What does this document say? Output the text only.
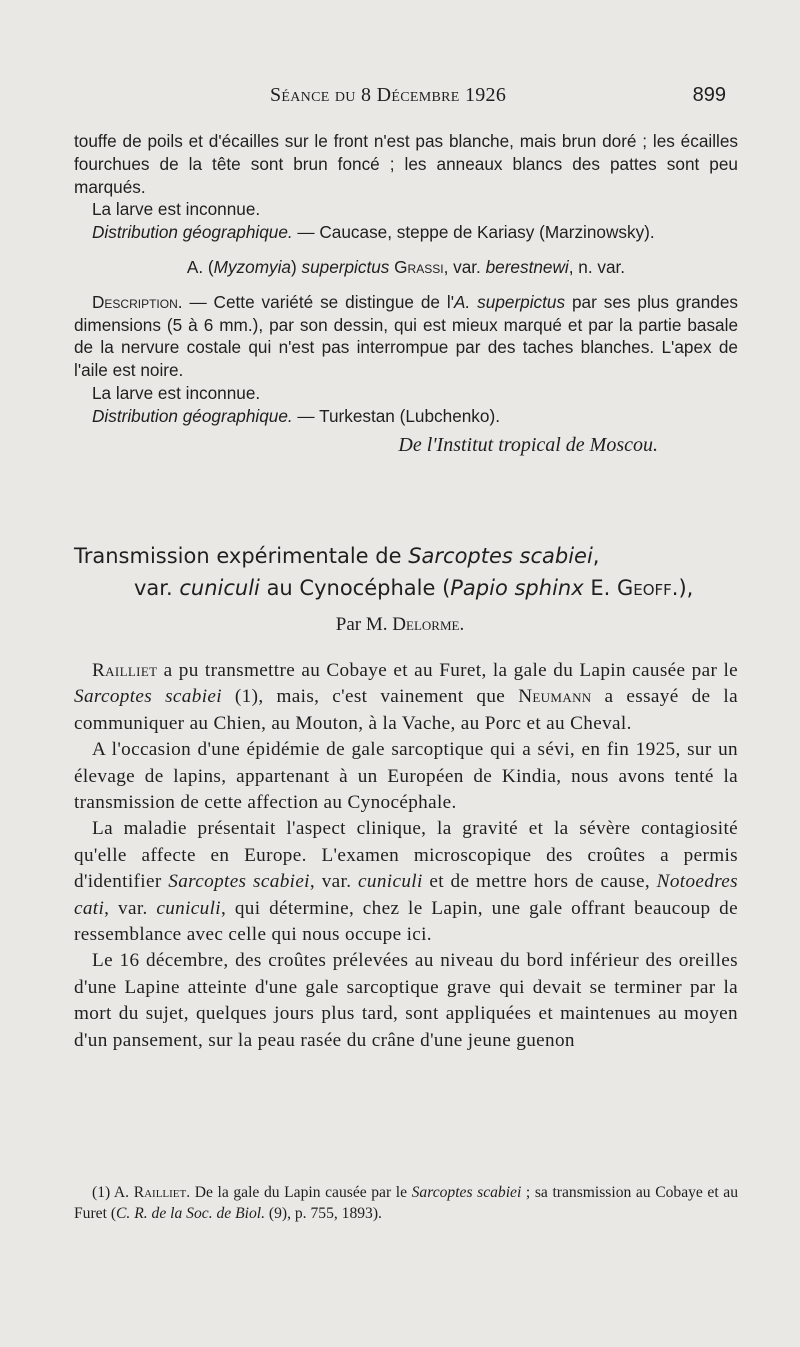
Séance du 8 Décembre 1926	899

touffe de poils et d'écailles sur le front n'est pas blanche, mais brun doré ; les écailles fourchues de la tête sont brun foncé ; les anneaux blancs des pattes sont peu marqués.

La larve est inconnue.

Distribution géographique. — Caucase, steppe de Kariasy (Marzinowsky).

A. (Myzomyia) superpictus Grassi, var. berestnewi, n. var.

Description. — Cette variété se distingue de l'A. superpictus par ses plus grandes dimensions (5 à 6 mm.), par son dessin, qui est mieux marqué et par la partie basale de la nervure costale qui n'est pas interrompue par des taches blanches. L'apex de l'aile est noire.

La larve est inconnue.

Distribution géographique. — Turkestan (Lubchenko).

De l'Institut tropical de Moscou.

Transmission expérimentale de Sarcoptes scabiei,
var. cuniculi au Cynocéphale (Papio sphinx E. Geoff.),
Par M. Delorme.

Railliet a pu transmettre au Cobaye et au Furet, la gale du Lapin causée par le Sarcoptes scabiei (1), mais, c'est vainement que Neumann a essayé de la communiquer au Chien, au Mouton, à la Vache, au Porc et au Cheval.

A l'occasion d'une épidémie de gale sarcoptique qui a sévi, en fin 1925, sur un élevage de lapins, appartenant à un Européen de Kindia, nous avons tenté la transmission de cette affection au Cynocéphale.

La maladie présentait l'aspect clinique, la gravité et la sévère contagiosité qu'elle affecte en Europe. L'examen microscopique des croûtes a permis d'identifier Sarcoptes scabiei, var. cuniculi et de mettre hors de cause, Notoedres cati, var. cuniculi, qui détermine, chez le Lapin, une gale offrant beaucoup de ressemblance avec celle qui nous occupe ici.

Le 16 décembre, des croûtes prélevées au niveau du bord inférieur des oreilles d'une Lapine atteinte d'une gale sarcoptique grave qui devait se terminer par la mort du sujet, quelques jours plus tard, sont appliquées et maintenues au moyen d'un pansement, sur la peau rasée du crâne d'une jeune guenon

(1) A. Railliet. De la gale du Lapin causée par le Sarcoptes scabiei ; sa transmission au Cobaye et au Furet (C. R. de la Soc. de Biol. (9), p. 755, 1893).
